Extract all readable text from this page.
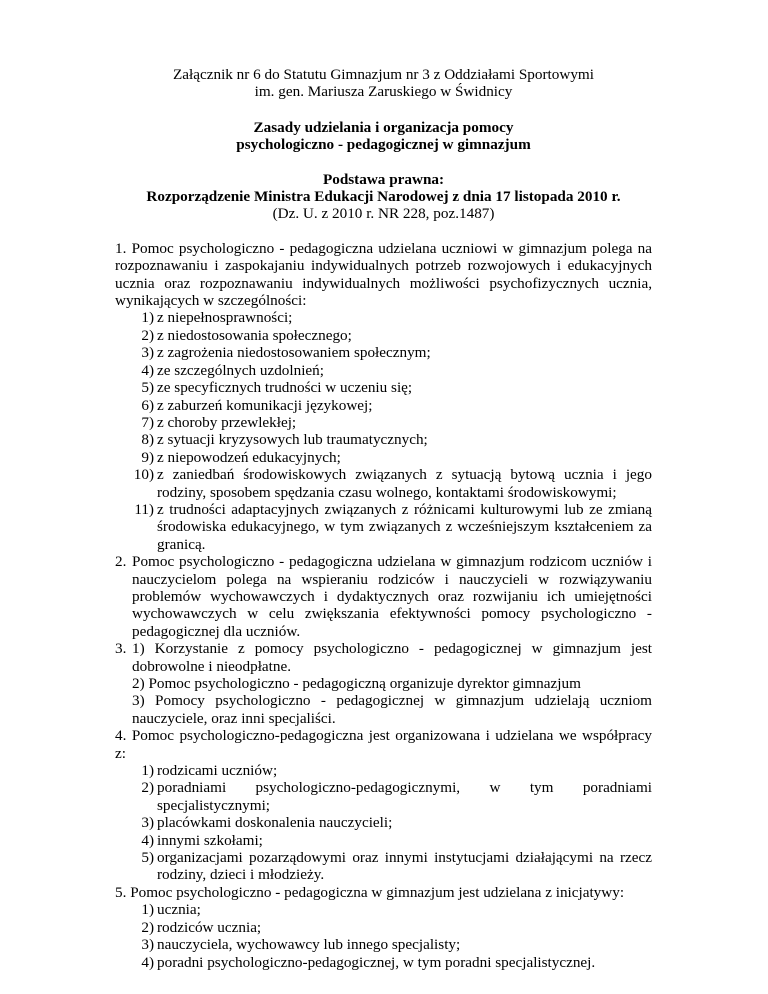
Załącznik nr 6 do Statutu Gimnazjum nr 3 z Oddziałami Sportowymi

im. gen. Mariusza Zaruskiego w Świdnicy

Zasady udzielania i organizacja pomocy

psychologiczno - pedagogicznej w gimnazjum

Podstawa prawna:

Rozporządzenie Ministra Edukacji Narodowej z dnia 17 listopada 2010 r.

(Dz. U. z 2010 r. NR 228, poz.1487)

1. Pomoc psychologiczno - pedagogiczna udzielana uczniowi w gimnazjum polega na rozpoznawaniu i zaspokajaniu indywidualnych potrzeb rozwojowych i edukacyjnych ucznia oraz rozpoznawaniu indywidualnych możliwości psychofizycznych ucznia, wynikających w szczególności:

1) z niepełnosprawności;
2) z niedostosowania społecznego;
3) z zagrożenia niedostosowaniem społecznym;
4) ze szczególnych uzdolnień;
5) ze specyficznych trudności w uczeniu się;
6) z zaburzeń komunikacji językowej;
7) z choroby przewlekłej;
8) z sytuacji kryzysowych lub traumatycznych;
9) z niepowodzeń edukacyjnych;
10) z zaniedbań środowiskowych związanych z sytuacją bytową ucznia i jego rodziny, sposobem spędzania czasu wolnego, kontaktami środowiskowymi;
11) z trudności adaptacyjnych związanych z różnicami kulturowymi lub ze zmianą środowiska edukacyjnego, w tym związanych z wcześniejszym kształceniem za granicą.
2. Pomoc psychologiczno - pedagogiczna udzielana w gimnazjum rodzicom uczniów i nauczycielom polega na wspieraniu rodziców i nauczycieli w rozwiązywaniu problemów wychowawczych i dydaktycznych oraz rozwijaniu ich umiejętności wychowawczych w celu zwiększania efektywności pomocy psychologiczno - pedagogicznej dla uczniów.
3. 1) Korzystanie z pomocy psychologiczno - pedagogicznej w gimnazjum jest dobrowolne i nieodpłatne.

2) Pomoc psychologiczno - pedagogiczną organizuje dyrektor gimnazjum

3) Pomocy psychologiczno - pedagogicznej w gimnazjum udzielają uczniom nauczyciele, oraz inni specjaliści.

4. Pomoc psychologiczno-pedagogiczna jest organizowana i udzielana we współpracy z:

1) rodzicami uczniów;
2) poradniami psychologiczno-pedagogicznymi, w tym poradniami specjalistycznymi;
3) placówkami doskonalenia nauczycieli;
4) innymi szkołami;
5) organizacjami pozarządowymi oraz innymi instytucjami działającymi na rzecz rodziny, dzieci i młodzieży.

5. Pomoc psychologiczno - pedagogiczna w gimnazjum jest udzielana z inicjatywy:

1) ucznia;
2) rodziców ucznia;
3) nauczyciela, wychowawcy lub innego specjalisty;
4) poradni psychologiczno-pedagogicznej, w tym poradni specjalistycznej.
